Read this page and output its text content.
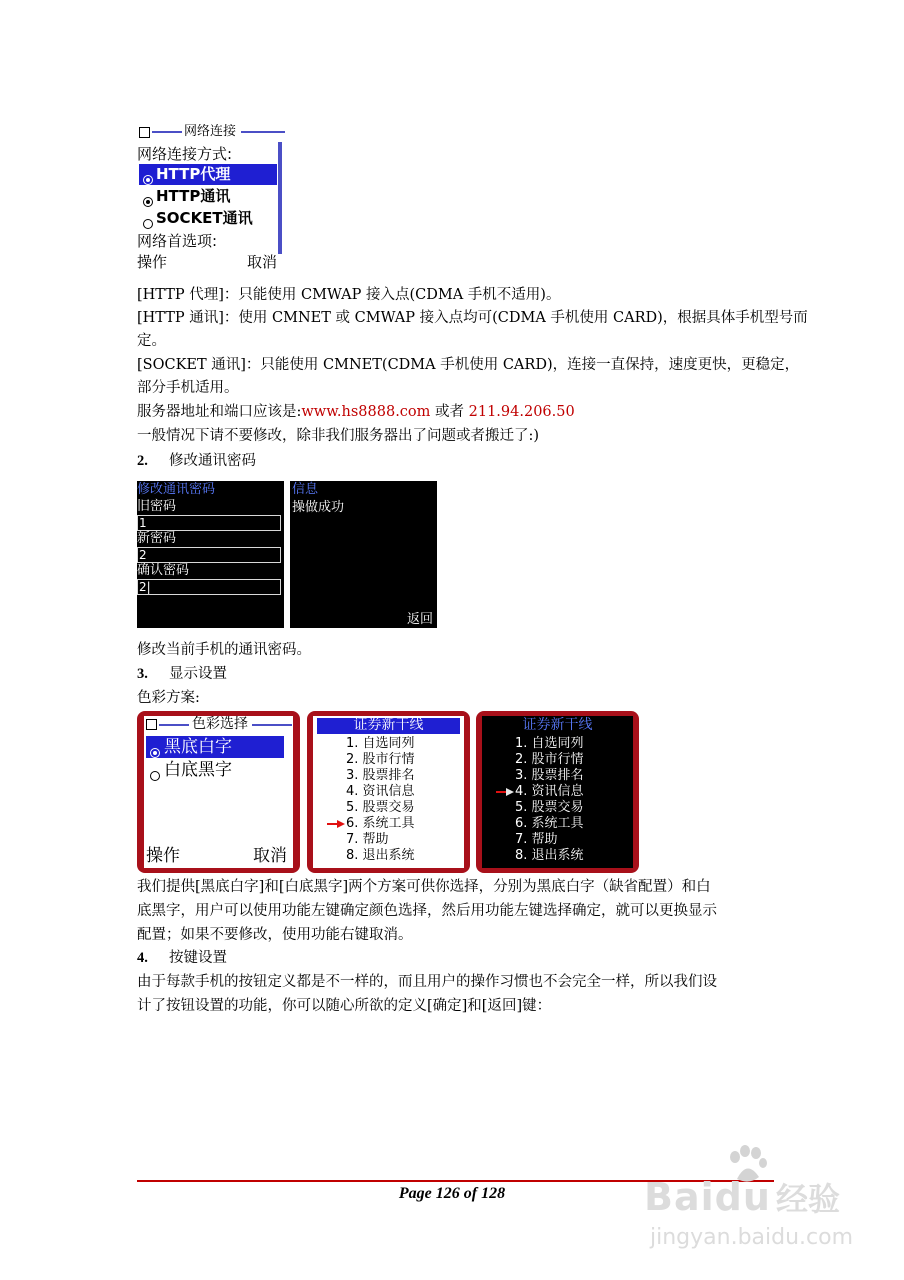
网络连接
网络连接方式:
HTTP代理
HTTP通讯
SOCKET通讯
网络首选项:
操作	取消
[HTTP 代理]：只能使用 CMWAP 接入点(CDMA 手机不适用)。
[HTTP 通讯]：使用 CMNET 或 CMWAP 接入点均可(CDMA 手机使用 CARD)，根据具体手机型号而
定。
[SOCKET 通讯]：只能使用 CMNET(CDMA 手机使用 CARD)，连接一直保持，速度更快，更稳定，
部分手机适用。
服务器地址和端口应该是:www.hs8888.com 或者 211.94.206.50
一般情况下请不要修改，除非我们服务器出了问题或者搬迁了:)
2. 修改通讯密码
修改通讯密码
旧密码
1
新密码
2
确认密码
2|
信息
操做成功
返回
修改当前手机的通讯密码。
3. 显示设置
色彩方案:
色彩选择
黑底白字
白底黑字
操作	取消
证券新干线
1. 自选同列
2. 股市行情
3. 股票排名
4. 资讯信息
5. 股票交易
6. 系统工具
7. 帮助
8. 退出系统
证券新干线
1. 自选同列
2. 股市行情
3. 股票排名
4. 资讯信息
5. 股票交易
6. 系统工具
7. 帮助
8. 退出系统
我们提供[黑底白字]和[白底黑字]两个方案可供你选择，分别为黑底白字（缺省配置）和白
底黑字，用户可以使用功能左键确定颜色选择，然后用功能左键选择确定，就可以更换显示
配置；如果不要修改，使用功能右键取消。
4. 按键设置
由于每款手机的按钮定义都是不一样的，而且用户的操作习惯也不会完全一样，所以我们设
计了按钮设置的功能，你可以随心所欲的定义[确定]和[返回]键：
Page 126 of 128	Baidu 经验
jingyan.baidu.com
